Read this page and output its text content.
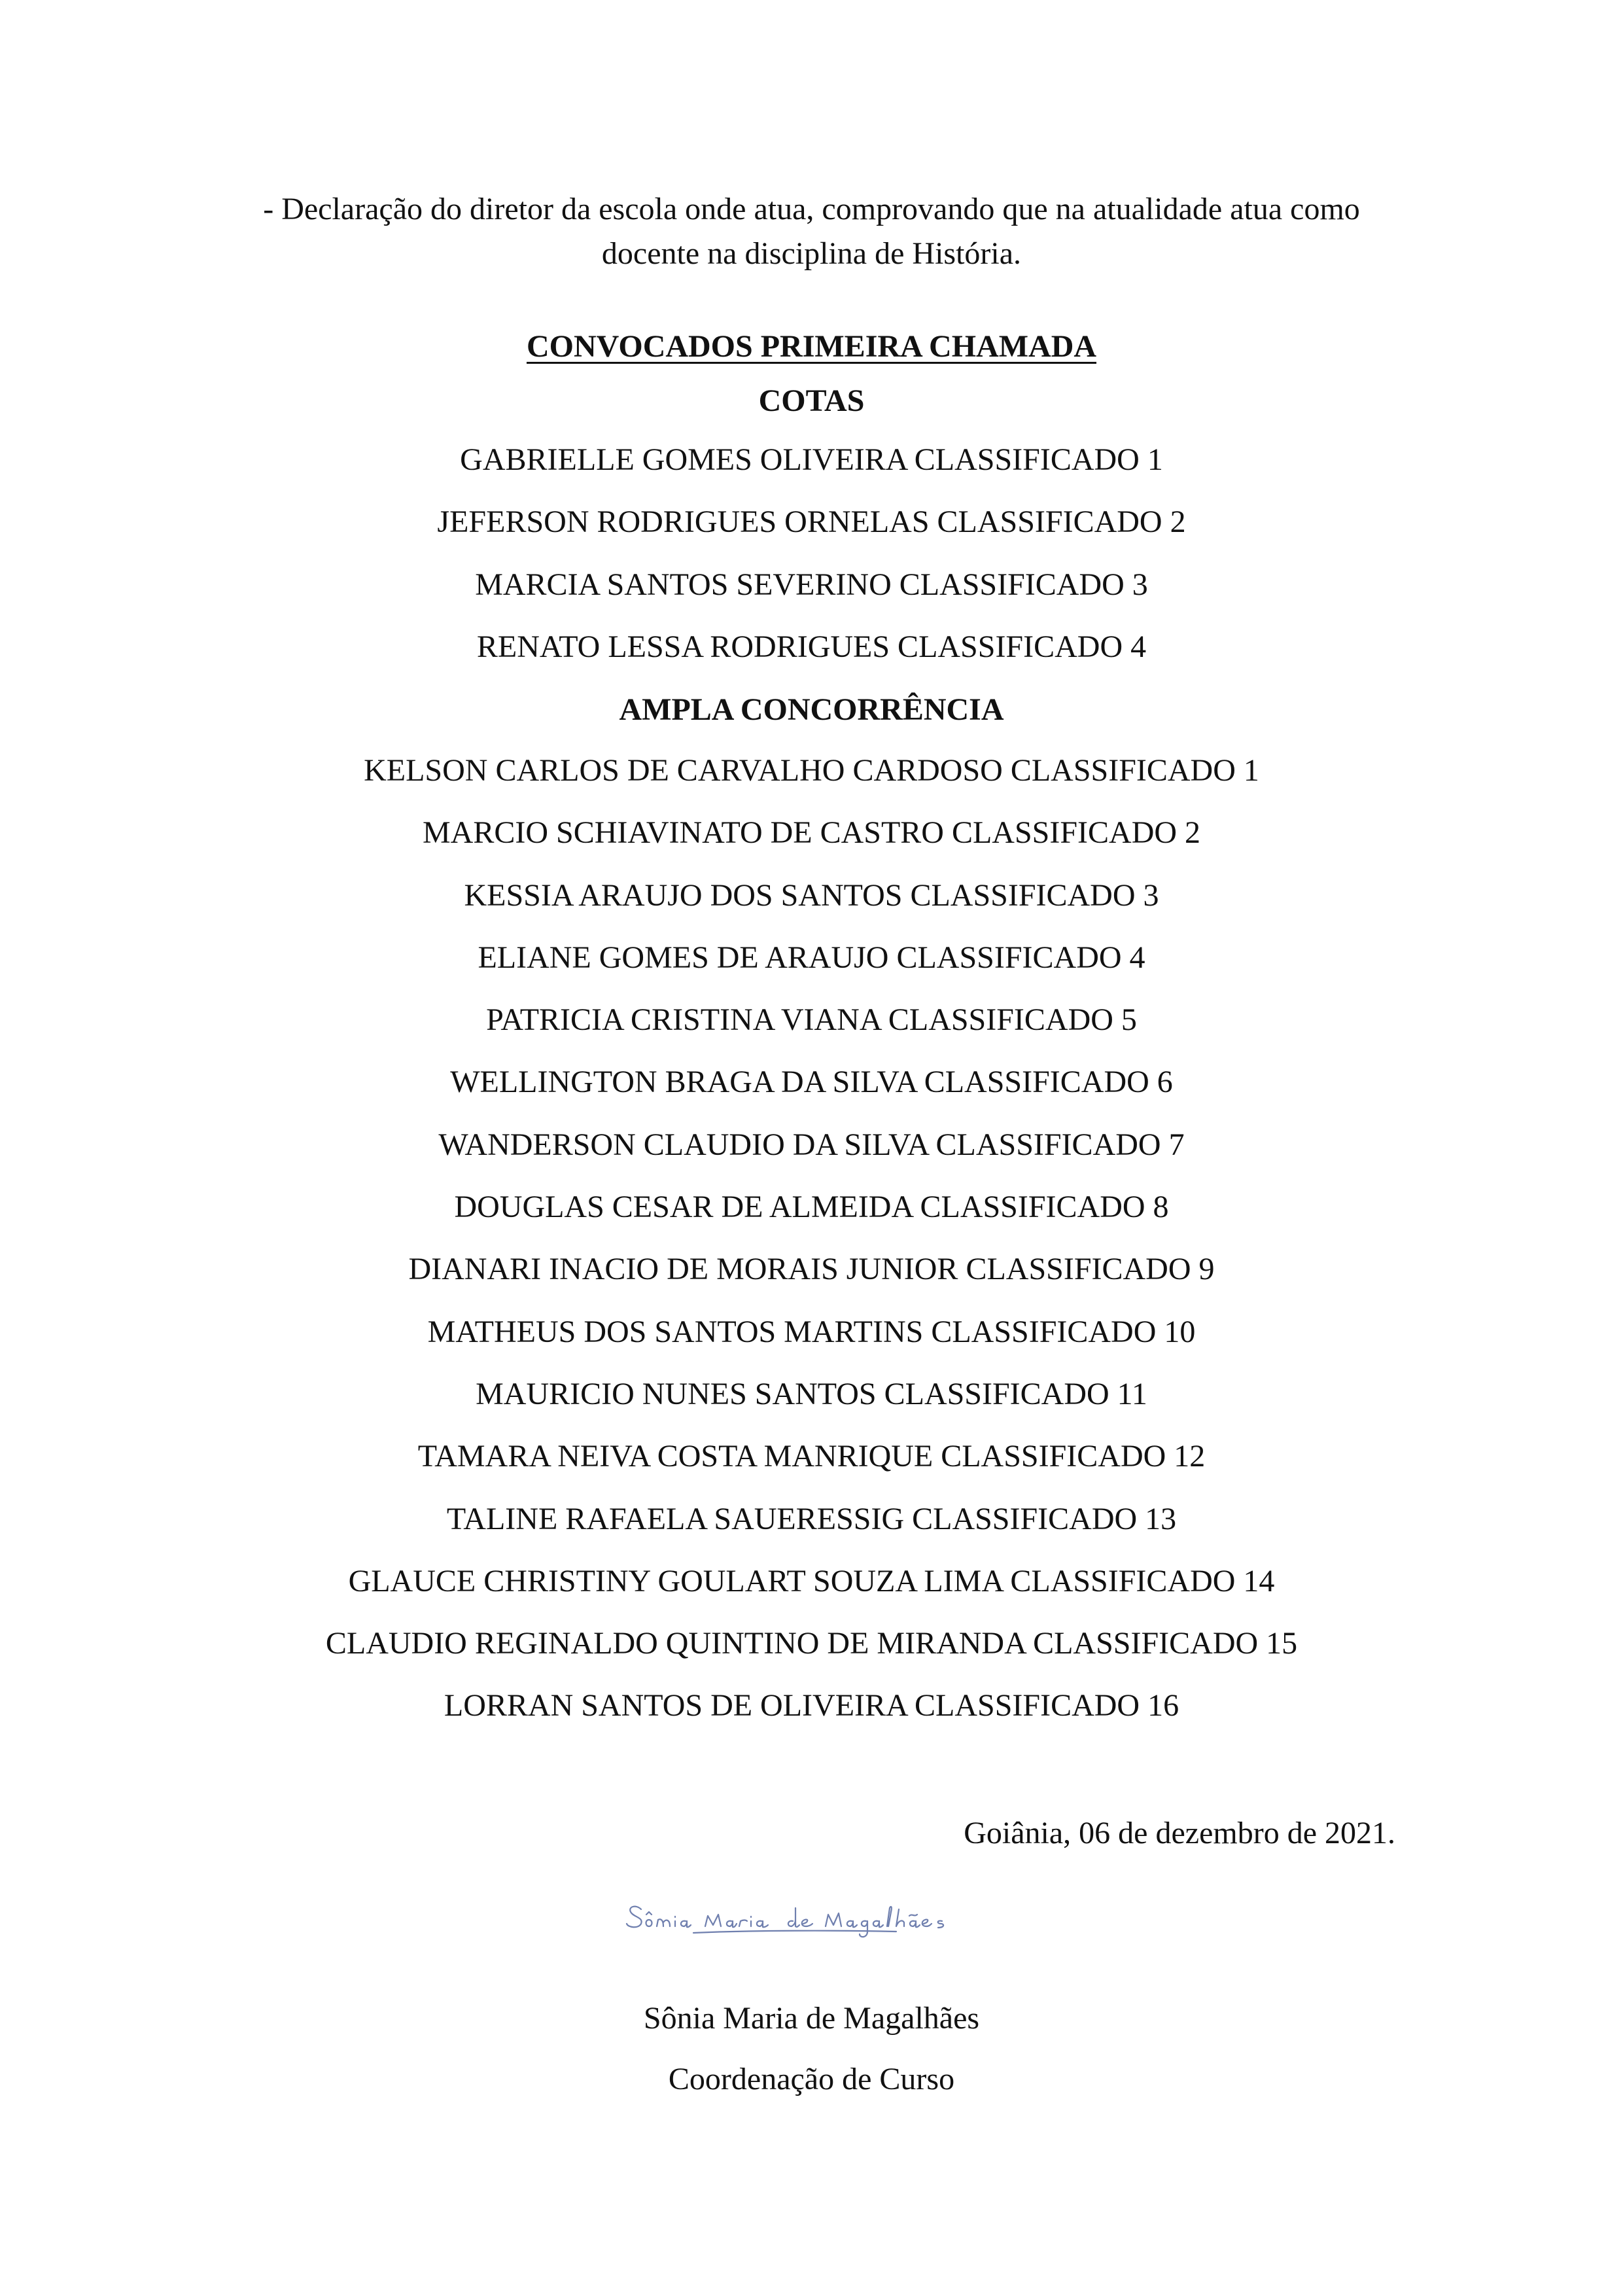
- Declaração do diretor da escola onde atua, comprovando que na atualidade atua como
docente na disciplina de História.
CONVOCADOS PRIMEIRA CHAMADA
COTAS
GABRIELLE GOMES OLIVEIRA CLASSIFICADO 1
JEFERSON RODRIGUES ORNELAS CLASSIFICADO 2
MARCIA SANTOS SEVERINO CLASSIFICADO 3
RENATO LESSA RODRIGUES CLASSIFICADO 4
AMPLA CONCORRÊNCIA
KELSON CARLOS DE CARVALHO CARDOSO CLASSIFICADO 1
MARCIO SCHIAVINATO DE CASTRO CLASSIFICADO 2
KESSIA ARAUJO DOS SANTOS CLASSIFICADO 3
ELIANE GOMES DE ARAUJO CLASSIFICADO 4
PATRICIA CRISTINA VIANA CLASSIFICADO 5
WELLINGTON BRAGA DA SILVA CLASSIFICADO 6
WANDERSON CLAUDIO DA SILVA CLASSIFICADO 7
DOUGLAS CESAR DE ALMEIDA CLASSIFICADO 8
DIANARI INACIO DE MORAIS JUNIOR CLASSIFICADO 9
MATHEUS DOS SANTOS MARTINS CLASSIFICADO 10
MAURICIO NUNES SANTOS CLASSIFICADO 11
TAMARA NEIVA COSTA MANRIQUE CLASSIFICADO 12
TALINE RAFAELA SAUERESSIG CLASSIFICADO 13
GLAUCE CHRISTINY GOULART SOUZA LIMA CLASSIFICADO 14
CLAUDIO REGINALDO QUINTINO DE MIRANDA CLASSIFICADO 15
LORRAN SANTOS DE OLIVEIRA CLASSIFICADO 16
Goiânia, 06 de dezembro de 2021.
Sônia Maria de Magalhães
Coordenação de Curso
